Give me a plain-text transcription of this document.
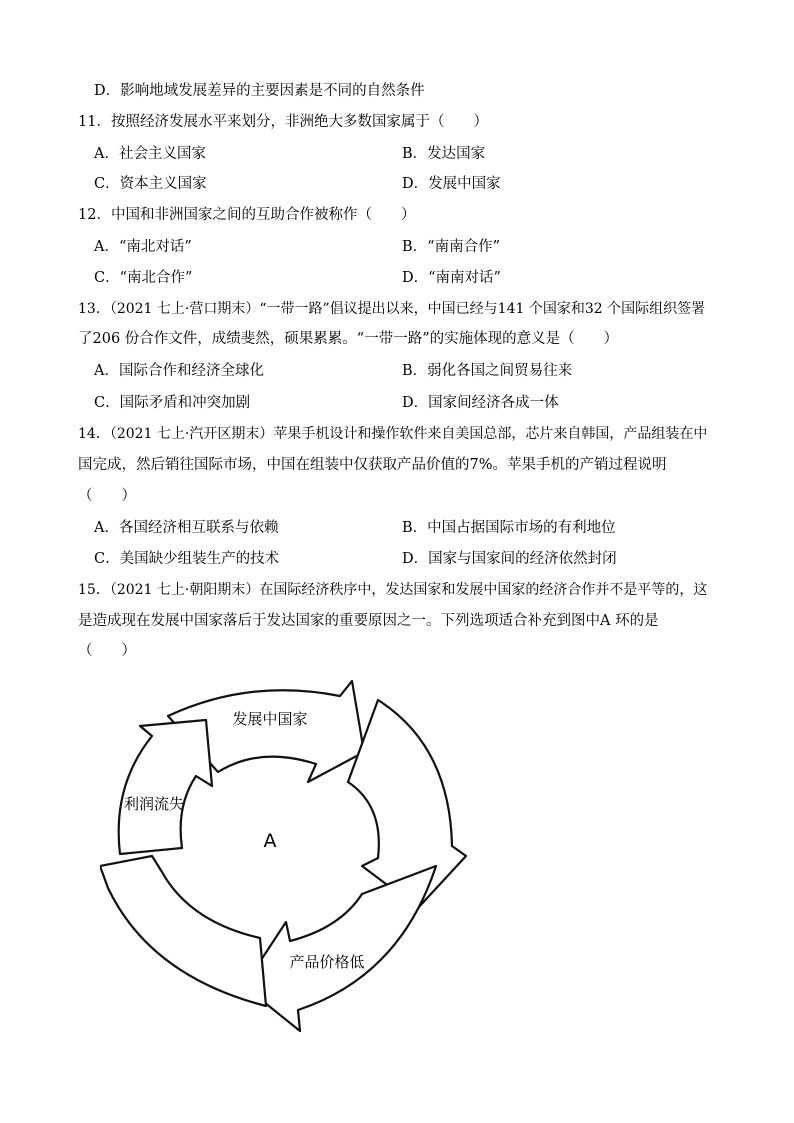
D．影响地域发展差异的主要因素是不同的自然条件
11．按照经济发展水平来划分，非洲绝大多数国家属于（　　）
A．社会主义国家	B．发达国家
C．资本主义国家	D．发展中国家
12．中国和非洲国家之间的互助合作被称作（　　）
A．“南北对话”	B．“南南合作”
C．“南北合作”	D．“南南对话”
13．（2021 七上·营口期末）“一带一路”倡议提出以来，中国已经与141 个国家和32 个国际组织签署
了206 份合作文件，成绩斐然，硕果累累。“一带一路”的实施体现的意义是（　　）
A．国际合作和经济全球化	B．弱化各国之间贸易往来
C．国际矛盾和冲突加剧	D．国家间经济各成一体
14．（2021 七上·汽开区期末）苹果手机设计和操作软件来自美国总部，芯片来自韩国，产品组装在中
国完成，然后销往国际市场，中国在组装中仅获取产品价值的7%。苹果手机的产销过程说明
（　　）
A．各国经济相互联系与依赖	B．中国占据国际市场的有利地位
C．美国缺少组装生产的技术	D．国家与国家间的经济依然封闭
15．（2021 七上·朝阳期末）在国际经济秩序中，发达国家和发展中国家的经济合作并不是平等的，这
是造成现在发展中国家落后于发达国家的重要原因之一。下列选项适合补充到图中A 环的是
（　　）
A
发展中国家
利润流失
产品价格低
